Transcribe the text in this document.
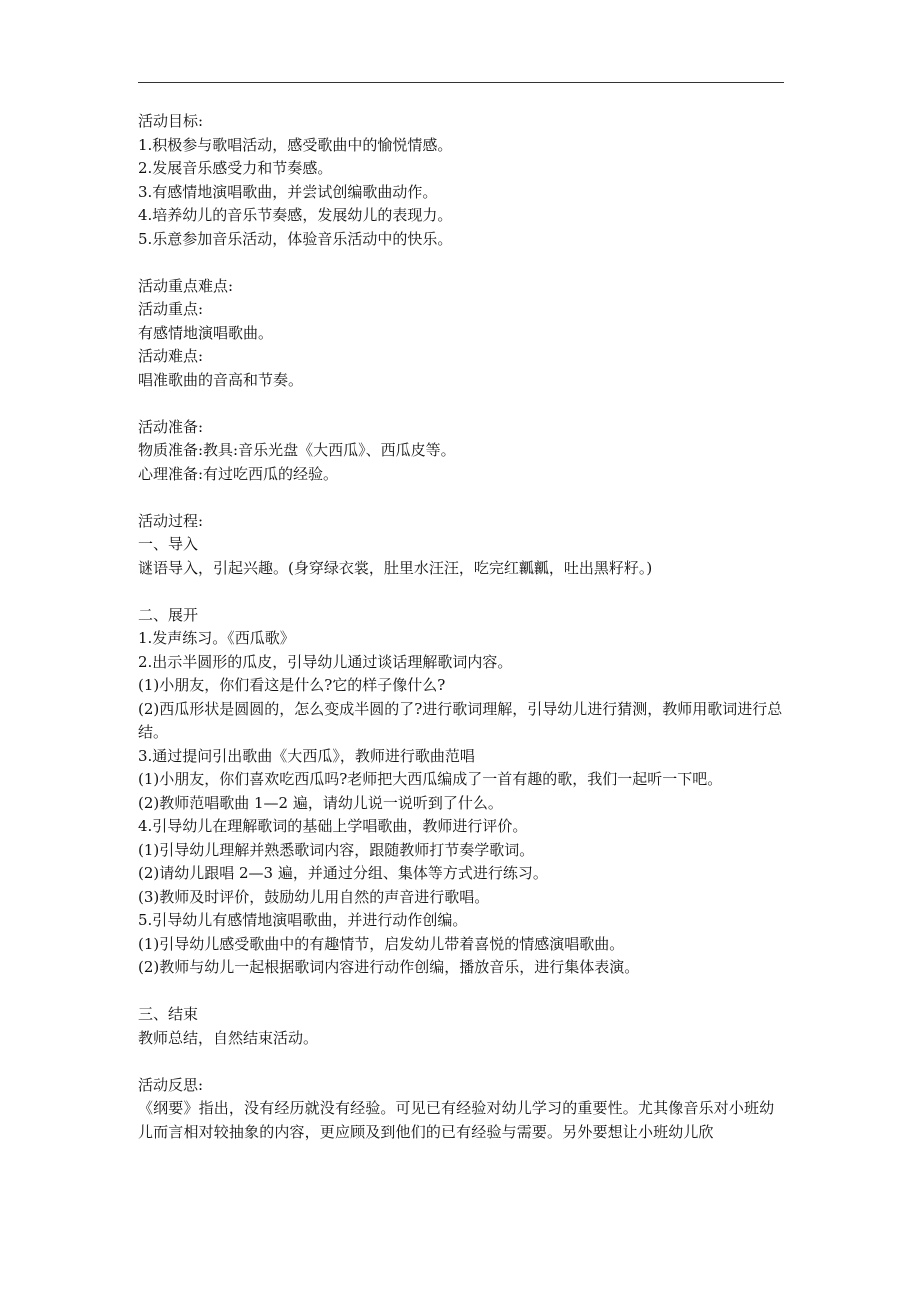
活动目标:
1.积极参与歌唱活动，感受歌曲中的愉悦情感。
2.发展音乐感受力和节奏感。
3.有感情地演唱歌曲，并尝试创编歌曲动作。
4.培养幼儿的音乐节奏感，发展幼儿的表现力。
5.乐意参加音乐活动，体验音乐活动中的快乐。
活动重点难点:
活动重点:
有感情地演唱歌曲。
活动难点:
唱准歌曲的音高和节奏。
活动准备:
物质准备:教具:音乐光盘《大西瓜》、西瓜皮等。
心理准备:有过吃西瓜的经验。
活动过程:
一、导入
谜语导入，引起兴趣。(身穿绿衣裳，肚里水汪汪，吃完红瓤瓤，吐出黑籽籽。)
二、展开
1.发声练习。《西瓜歌》
2.出示半圆形的瓜皮，引导幼儿通过谈话理解歌词内容。
(1)小朋友，你们看这是什么?它的样子像什么?
(2)西瓜形状是圆圆的，怎么变成半圆的了?进行歌词理解，引导幼儿进行猜测，教师用歌词进行总结。
3.通过提问引出歌曲《大西瓜》，教师进行歌曲范唱
(1)小朋友，你们喜欢吃西瓜吗?老师把大西瓜编成了一首有趣的歌，我们一起听一下吧。
(2)教师范唱歌曲 1—2 遍，请幼儿说一说听到了什么。
4.引导幼儿在理解歌词的基础上学唱歌曲，教师进行评价。
(1)引导幼儿理解并熟悉歌词内容，跟随教师打节奏学歌词。
(2)请幼儿跟唱 2—3 遍，并通过分组、集体等方式进行练习。
(3)教师及时评价，鼓励幼儿用自然的声音进行歌唱。
5.引导幼儿有感情地演唱歌曲，并进行动作创编。
(1)引导幼儿感受歌曲中的有趣情节，启发幼儿带着喜悦的情感演唱歌曲。
(2)教师与幼儿一起根据歌词内容进行动作创编，播放音乐，进行集体表演。
三、结束
教师总结，自然结束活动。
活动反思:
《纲要》指出，没有经历就没有经验。可见已有经验对幼儿学习的重要性。尤其像音乐对小班幼儿而言相对较抽象的内容，更应顾及到他们的已有经验与需要。另外要想让小班幼儿欣
